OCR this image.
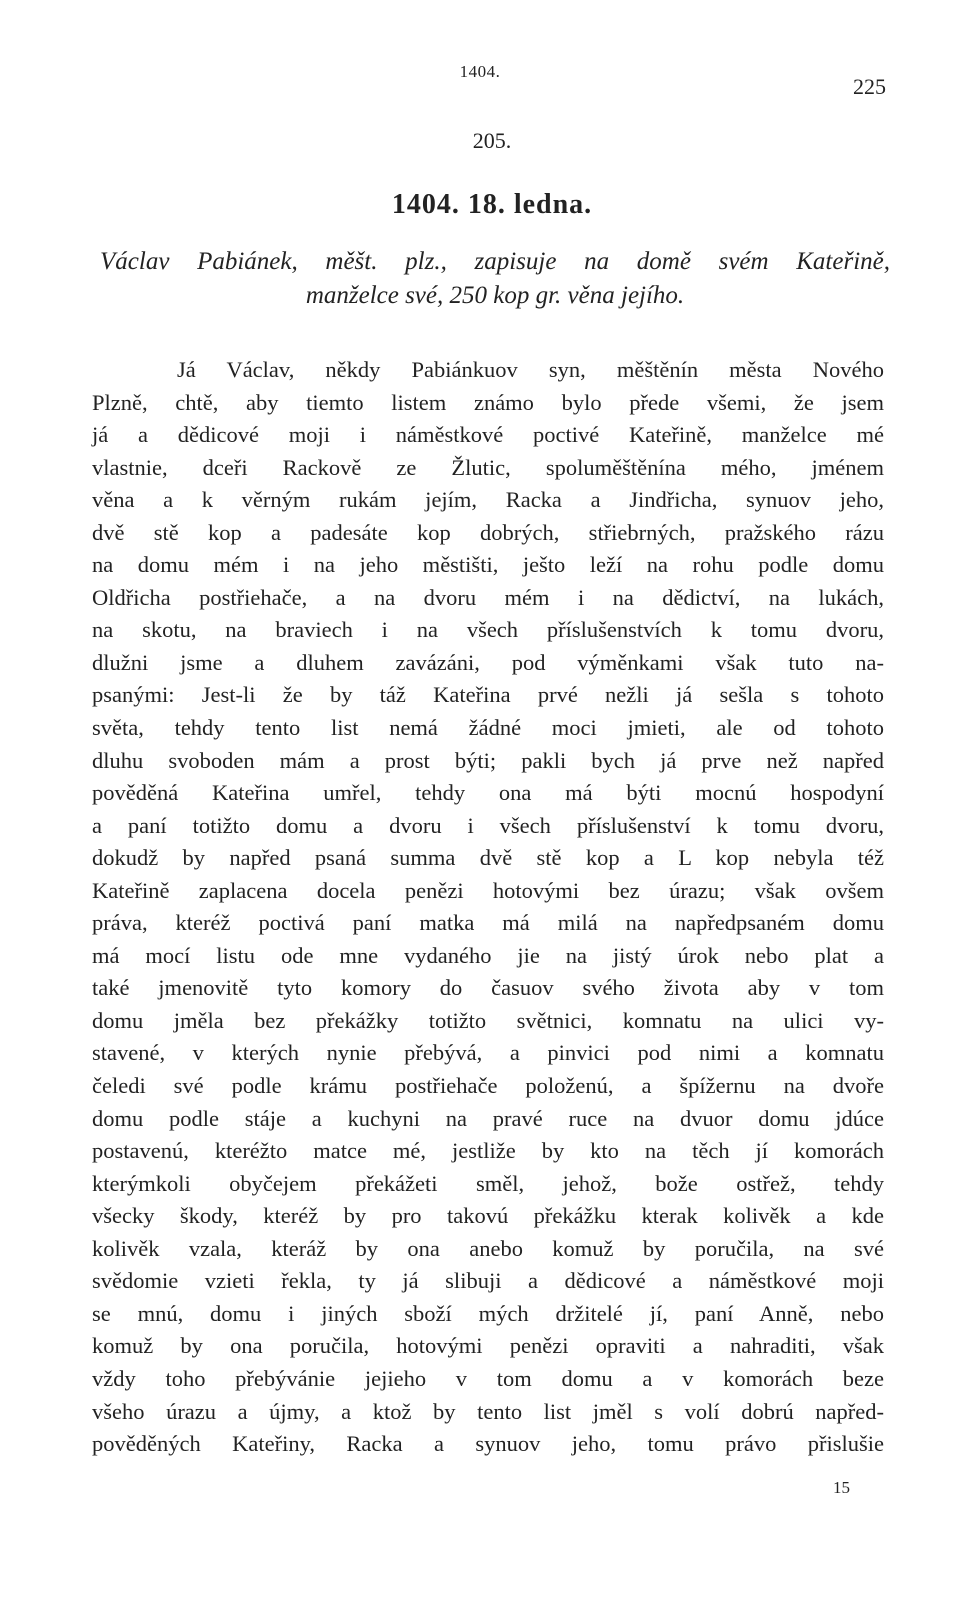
1404.
225
205.
1404. 18. ledna.
Václav Pabiánek, měšt. plz., zapisuje na domě svém Kateřině,
manželce své, 250 kop gr. věna jejího.
Já Václav, někdy Pabiánkuov syn, měštěnín města Nového
Plzně, chtě, aby tiemto listem známo bylo přede všemi, že jsem
já a dědicové moji i náměstkové poctivé Kateřině, manželce mé
vlastnie, dceři Rackově ze Žlutic, spoluměštěnína mého, jménem
věna a k věrným rukám jejím, Racka a Jindřicha, synuov jeho,
dvě stě kop a padesáte kop dobrých, střiebrných, pražského rázu
na domu mém i na jeho městišti, ješto leží na rohu podle domu
Oldřicha postřiehače, a na dvoru mém i na dědictví, na lukách,
na skotu, na braviech i na všech příslušenstvích k tomu dvoru,
dlužni jsme a dluhem zavázáni, pod výměnkami však tuto na-
psanými: Jest-li že by táž Kateřina prvé nežli já sešla s tohoto
světa, tehdy tento list nemá žádné moci jmieti, ale od tohoto
dluhu svoboden mám a prost býti; pakli bych já prve než napřed
pověděná Kateřina umřel, tehdy ona má býti mocnú hospodyní
a paní totižto domu a dvoru i všech příslušenství k tomu dvoru,
dokudž by napřed psaná summa dvě stě kop a L kop nebyla též
Kateřině zaplacena docela penězi hotovými bez úrazu; však ovšem
práva, kteréž poctivá paní matka má milá na napředpsaném domu
má mocí listu ode mne vydaného jie na jistý úrok nebo plat a
také jmenovitě tyto komory do časuov svého života aby v tom
domu jměla bez překážky totižto světnici, komnatu na ulici vy-
stavené, v kterých nynie přebývá, a pinvici pod nimi a komnatu
čeledi své podle krámu postřiehače položenú, a špížernu na dvoře
domu podle stáje a kuchyni na pravé ruce na dvuor domu jdúce
postavenú, kteréžto matce mé, jestliže by kto na těch jí komorách
kterýmkoli obyčejem překážeti směl, jehož, bože ostřež, tehdy
všecky škody, kteréž by pro takovú překážku kterak kolivěk a kde
kolivěk vzala, kteráž by ona anebo komuž by poručila, na své
svědomie vzieti řekla, ty já slibuji a dědicové a náměstkové moji
se mnú, domu i jiných sboží mých držitelé jí, paní Anně, nebo
komuž by ona poručila, hotovými penězi opraviti a nahraditi, však
vždy toho přebývánie jejieho v tom domu a v komorách beze
všeho úrazu a újmy, a ktož by tento list jměl s volí dobrú napřed-
pověděných Kateřiny, Racka a synuov jeho, tomu právo přislušie
15
